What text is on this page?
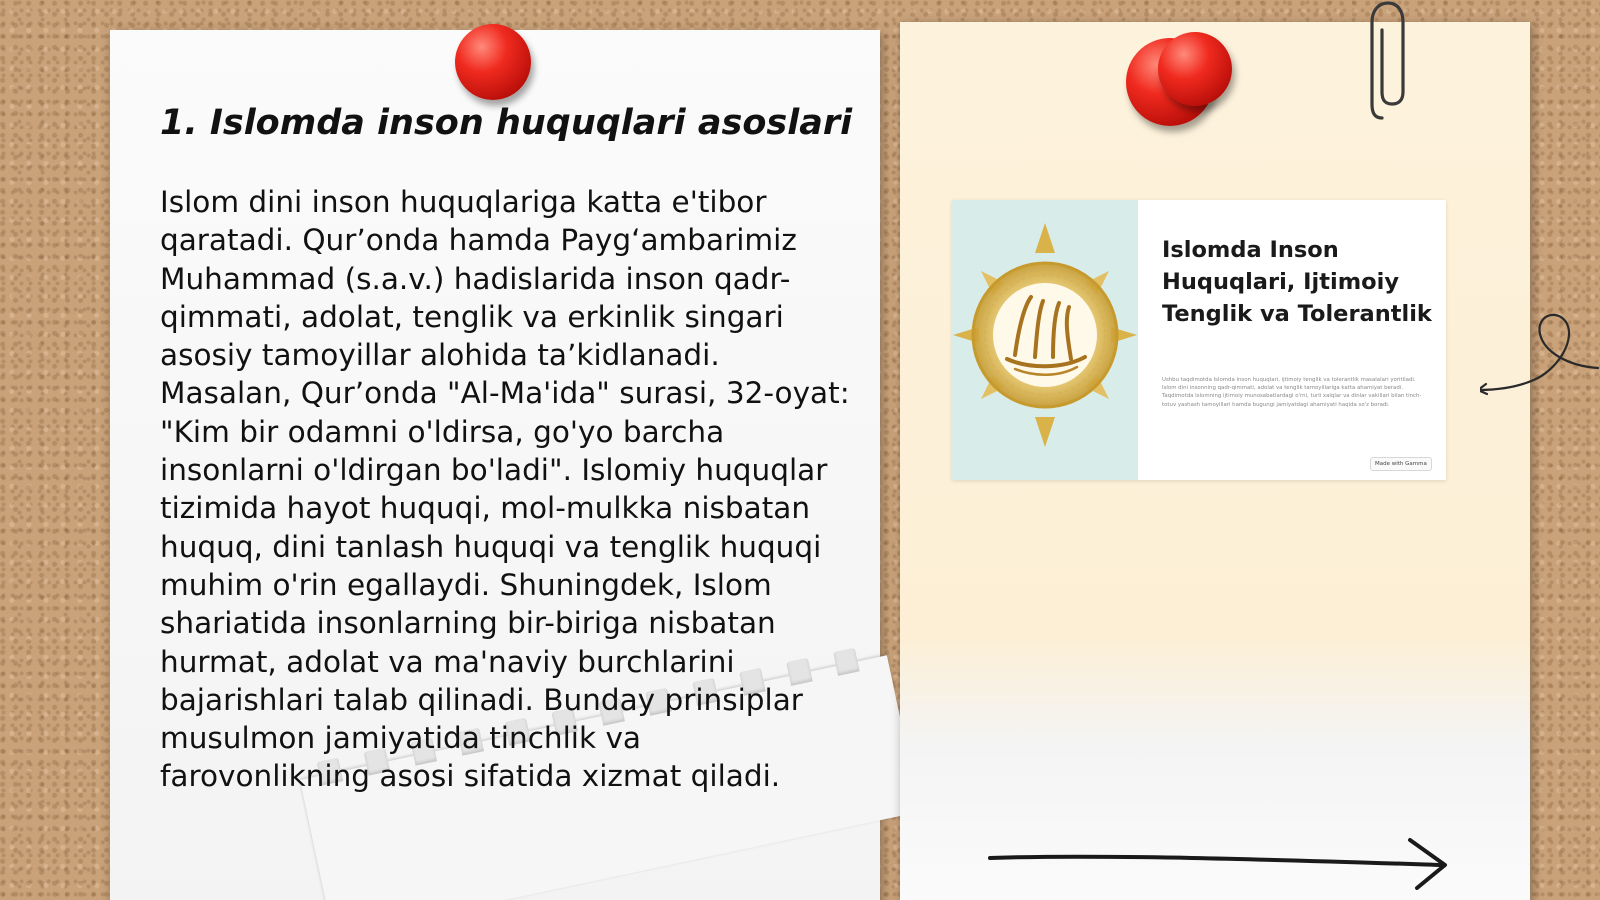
1. Islomda inson huquqlari asoslari

Islom dini inson huquqlariga katta e'tibor qaratadi. Qur’onda hamda Payg‘ambarimiz Muhammad (s.a.v.) hadislarida inson qadr-qimmati, adolat, tenglik va erkinlik singari asosiy tamoyillar alohida ta’kidlanadi. Masalan, Qur’onda "Al-Ma'ida" surasi, 32-oyat: "Kim bir odamni o'ldirsa, go'yo barcha insonlarni o'ldirgan bo'ladi". Islomiy huquqlar tizimida hayot huquqi, mol-mulkka nisbatan huquq, dini tanlash huquqi va tenglik huquqi muhim o'rin egallaydi. Shuningdek, Islom shariatida insonlarning bir-biriga nisbatan hurmat, adolat va ma'naviy burchlarini bajarishlari talab qilinadi. Bunday prinsiplar musulmon jamiyatida tinchlik va farovonlikning asosi sifatida xizmat qiladi.

Islomda Inson Huquqlari, Ijtimoiy Tenglik va Tolerantlik

Ushbu taqdimotda Islomda inson huquqlari, ijtimoiy tenglik va tolerantlik masalalari yoritiladi. Islom dini insonning qadr-qimmati, adolat va tenglik tamoyillariga katta ahamiyat beradi. Taqdimotda Islomning ijtimoiy munosabatlardagi o'rni, turli xalqlar va dinlar vakillari bilan tinch-totuv yashash tamoyillari hamda bugungi jamiyatdagi ahamiyati haqida so'z boradi.

Made with Gamma
